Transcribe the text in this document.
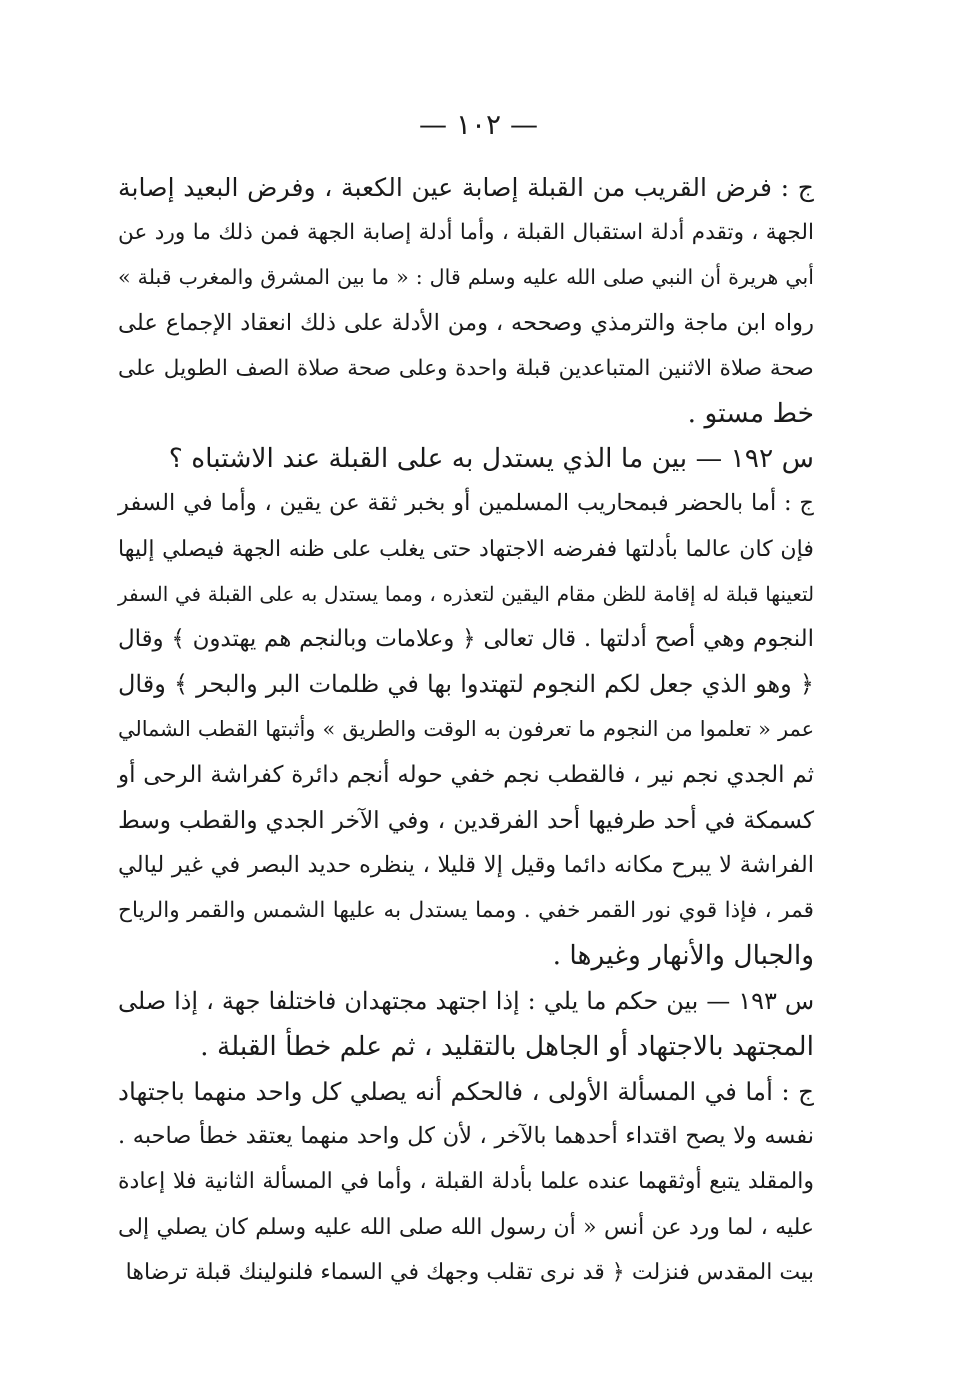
— ١٠٢ —
ج : فرض القريب من القبلة إصابة عين الكعبة ، وفرض البعيد إصابة
الجهة ، وتقدم أدلة استقبال القبلة ، وأما أدلة إصابة الجهة فمن ذلك ما ورد عن
أبي هريرة أن النبي صلى الله عليه وسلم قال : « ما بين المشرق والمغرب قبلة »
رواه ابن ماجة والترمذي وصححه ، ومن الأدلة على ذلك انعقاد الإجماع على
صحة صلاة الاثنين المتباعدين قبلة واحدة وعلى صحة صلاة الصف الطويل على
خط مستو .
س ١٩٢ — بين ما الذي يستدل به على القبلة عند الاشتباه ؟
ج : أما بالحضر فبمحاريب المسلمين أو بخبر ثقة عن يقين ، وأما في السفر
فإن كان عالما بأدلتها ففرضه الاجتهاد حتى يغلب على ظنه الجهة فيصلي إليها
لتعينها قبلة له إقامة للظن مقام اليقين لتعذره ، ومما يستدل به على القبلة في السفر
النجوم وهي أصح أدلتها . قال تعالى ﴿ وعلامات وبالنجم هم يهتدون ﴾ وقال
﴿ وهو الذي جعل لكم النجوم لتهتدوا بها في ظلمات البر والبحر ﴾ وقال
عمر « تعلموا من النجوم ما تعرفون به الوقت والطريق » وأثبتها القطب الشمالي
ثم الجدي نجم نير ، فالقطب نجم خفي حوله أنجم دائرة كفراشة الرحى أو
كسمكة في أحد طرفيها أحد الفرقدين ، وفي الآخر الجدي والقطب وسط
الفراشة لا يبرح مكانه دائما وقيل إلا قليلا ، ينظره حديد البصر في غير ليالي
قمر ، فإذا قوي نور القمر خفي . ومما يستدل به عليها الشمس والقمر والرياح
والجبال والأنهار وغيرها .
س ١٩٣ — بين حكم ما يلي : إذا اجتهد مجتهدان فاختلفا جهة ، إذا صلى
المجتهد بالاجتهاد أو الجاهل بالتقليد ، ثم علم خطأ القبلة .
ج : أما في المسألة الأولى ، فالحكم أنه يصلي كل واحد منهما باجتهاد
نفسه ولا يصح اقتداء أحدهما بالآخر ، لأن كل واحد منهما يعتقد خطأ صاحبه .
والمقلد يتبع أوثقهما عنده علما بأدلة القبلة ، وأما في المسألة الثانية فلا إعادة
عليه ، لما ورد عن أنس « أن رسول الله صلى الله عليه وسلم كان يصلي إلى
بيت المقدس فنزلت ﴿ قد نرى تقلب وجهك في السماء فلنولينك قبلة ترضاها
